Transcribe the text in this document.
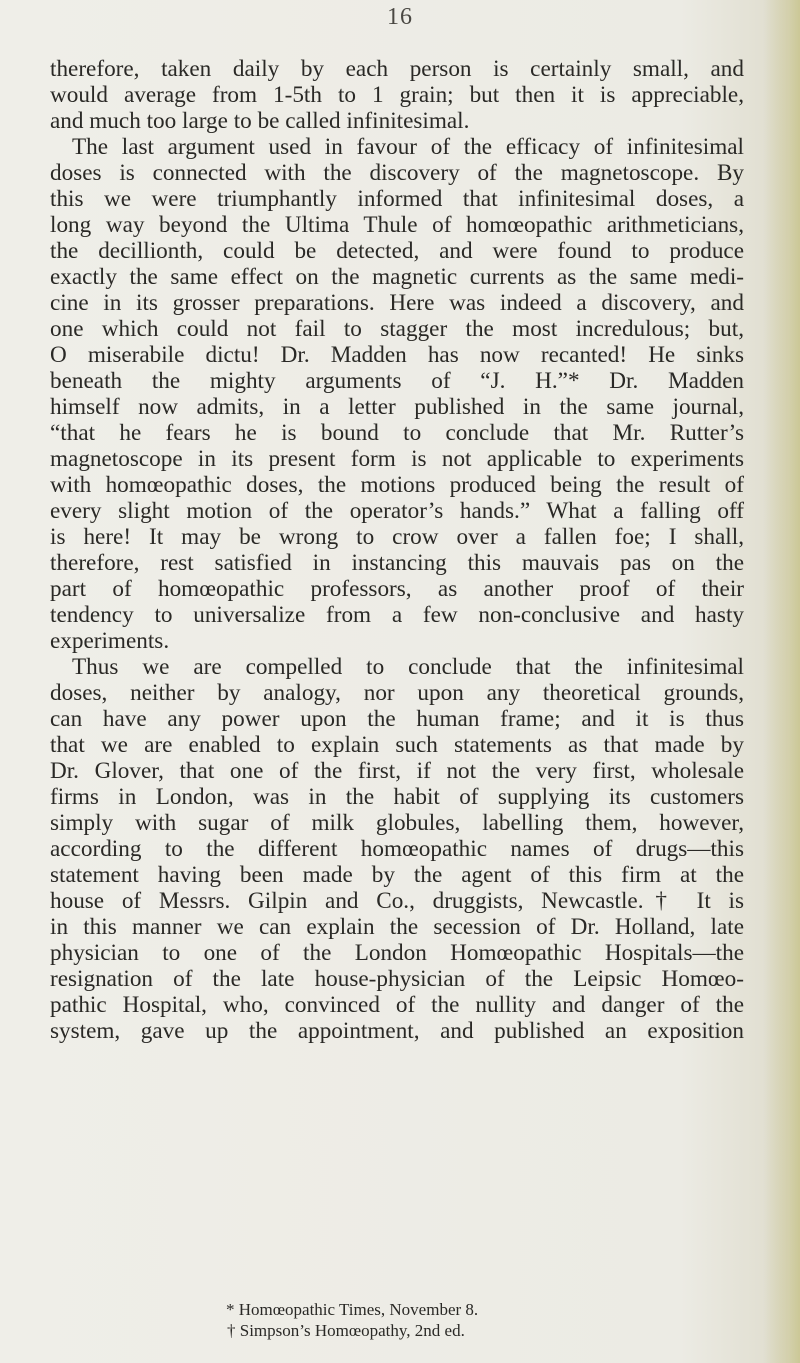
16
therefore, taken daily by each person is certainly small, and
would average from 1-5th to 1 grain; but then it is appreciable,
and much too large to be called infinitesimal.
The last argument used in favour of the efficacy of infinitesimal
doses is connected with the discovery of the magnetoscope. By
this we were triumphantly informed that infinitesimal doses, a
long way beyond the Ultima Thule of homœopathic arithmeticians,
the decillionth, could be detected, and were found to produce
exactly the same effect on the magnetic currents as the same medi-
cine in its grosser preparations. Here was indeed a discovery, and
one which could not fail to stagger the most incredulous; but,
O miserabile dictu! Dr. Madden has now recanted! He sinks
beneath the mighty arguments of “J. H.”* Dr. Madden
himself now admits, in a letter published in the same journal,
“that he fears he is bound to conclude that Mr. Rutter’s
magnetoscope in its present form is not applicable to experiments
with homœopathic doses, the motions produced being the result of
every slight motion of the operator’s hands.” What a falling off
is here! It may be wrong to crow over a fallen foe; I shall,
therefore, rest satisfied in instancing this mauvais pas on the
part of homœopathic professors, as another proof of their
tendency to universalize from a few non-conclusive and hasty
experiments.
Thus we are compelled to conclude that the infinitesimal
doses, neither by analogy, nor upon any theoretical grounds,
can have any power upon the human frame; and it is thus
that we are enabled to explain such statements as that made by
Dr. Glover, that one of the first, if not the very first, wholesale
firms in London, was in the habit of supplying its customers
simply with sugar of milk globules, labelling them, however,
according to the different homœopathic names of drugs—this
statement having been made by the agent of this firm at the
house of Messrs. Gilpin and Co., druggists, Newcastle.† It is
in this manner we can explain the secession of Dr. Holland, late
physician to one of the London Homœopathic Hospitals—the
resignation of the late house-physician of the Leipsic Homœo-
pathic Hospital, who, convinced of the nullity and danger of the
system, gave up the appointment, and published an exposition
* Homœopathic Times, November 8.
† Simpson’s Homœopathy, 2nd ed.
